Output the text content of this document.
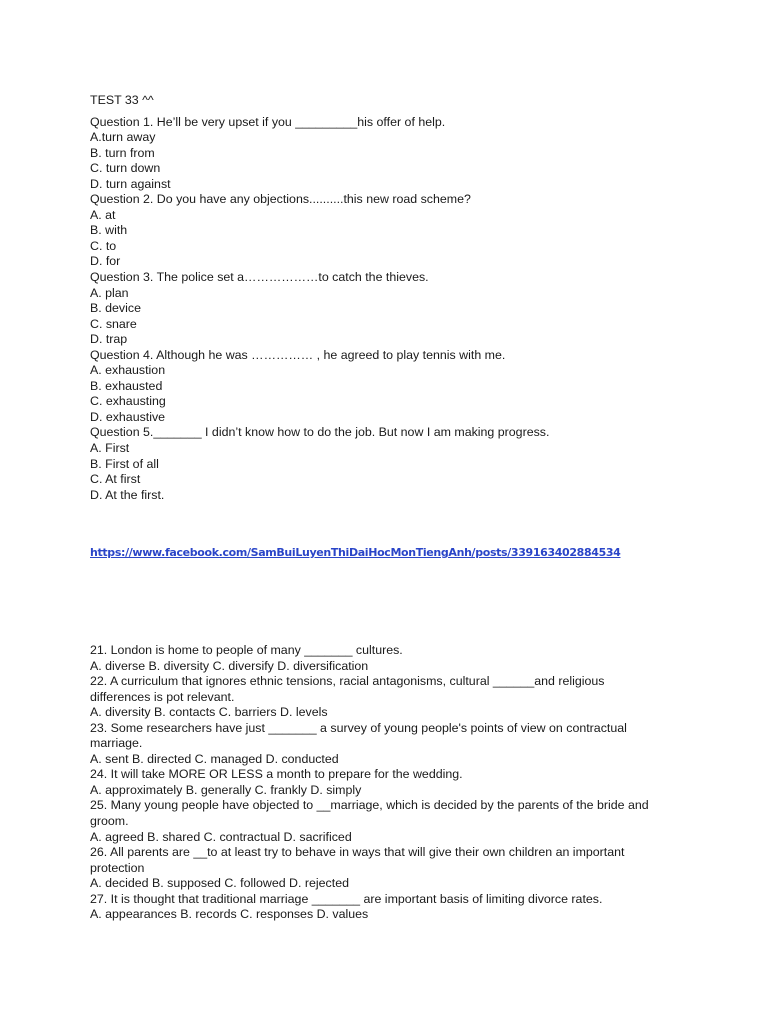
TEST 33 ^^
Question 1. He’ll be very upset if you _________his offer of help.
A.turn away
B. turn from
C. turn down
D. turn against
Question 2. Do you have any objections..........this new road scheme?
A. at
B. with
C. to
D. for
Question 3. The police set a………………to catch the thieves.
A. plan
B. device
C. snare
D. trap
Question 4. Although he was …………… , he agreed to play tennis with me.
A. exhaustion
B. exhausted
C. exhausting
D. exhaustive
Question 5._______ I didn’t know how to do the job. But now I am making progress.
A. First
B. First of all
C. At first
D. At the first.
https://www.facebook.com/SamBuiLuyenThiDaiHocMonTiengAnh/posts/339163402884534
21. London is home to people of many _______ cultures.
A. diverse B. diversity C. diversify D. diversification
22. A curriculum that ignores ethnic tensions, racial antagonisms, cultural ______and religious differences is pot relevant.
A. diversity B. contacts C. barriers D. levels
23. Some researchers have just _______ a survey of young people's points of view on contractual marriage.
A. sent B. directed C. managed D. conducted
24. It will take MORE OR LESS a month to prepare for the wedding.
A. approximately B. generally C. frankly D. simply
25. Many young people have objected to __marriage, which is decided by the parents of the bride and groom.
A. agreed B. shared C. contractual D. sacrificed
26. All parents are __to at least try to behave in ways that will give their own children an important protection
A. decided B. supposed C. followed D. rejected
27. It is thought that traditional marriage _______ are important basis of limiting divorce rates.
A. appearances B. records C. responses D. values
